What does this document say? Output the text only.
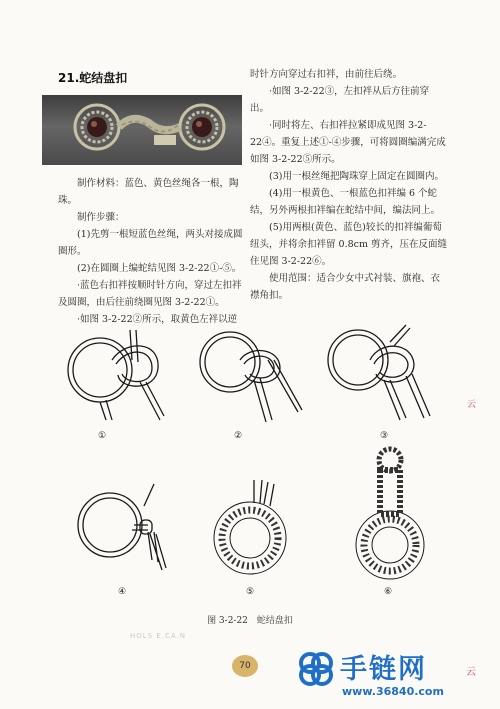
21.蛇结盘扣

制作材料：蓝色、黄色丝绳各一根，陶珠。

制作步骤：

(1)先剪一根短蓝色丝绳，两头对接成圆圈形。

(2)在圆圈上编蛇结见图 3-2-22①-⑤。

·蓝色右扣袢按顺时针方向，穿过左扣袢及圆圈，由后往前绕圈见图 3-2-22①。

·如图 3-2-22②所示，取黄色左袢以逆

时针方向穿过右扣袢，由前往后绕。

·如图 3-2-22③，左扣袢从后方往前穿出。

·同时将左、右扣袢拉紧即成见图 3-2-22④。重复上述①-④步骤，可将圆圈编满完成如图 3-2-22⑤所示。

(3)用一根丝绳把陶珠穿上固定在圆圈内。

(4)用一根黄色、一根蓝色扣袢编 6 个蛇结，另外两根扣袢编在蛇结中间，编法同上。

(5)用两根(黄色、蓝色)较长的扣袢编葡萄纽头，并将余扣袢留 0.8cm 剪齐，压在反面缝住见图 3-2-22⑥。

使用范围：适合少女中式衬装、旗袍、衣襟角扣。

①	②	③
④	⑤	⑥
图 3-2-22　蛇结盘扣
HOLS E.CA.N
70
云
手链网
www.36840.com
云
